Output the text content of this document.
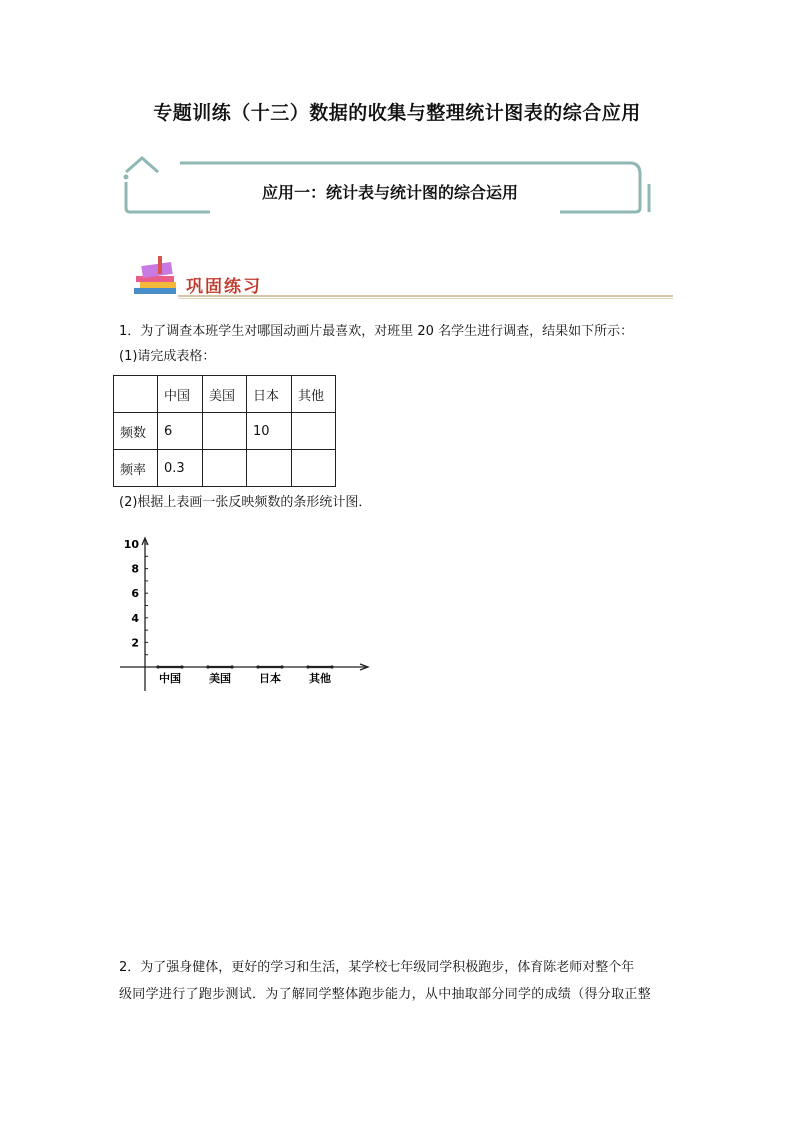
专题训练（十三）数据的收集与整理统计图表的综合应用
应用一：统计表与统计图的综合运用
巩固练习
1．为了调查本班学生对哪国动画片最喜欢，对班里 20 名学生进行调查，结果如下所示：
(1)请完成表格：
	中国	美国	日本	其他
频数	6		10	
频率	0.3			
(2)根据上表画一张反映频数的条形统计图．
2
4
6
8
10
中国	美国	日本	其他
2．为了强身健体，更好的学习和生活，某学校七年级同学积极跑步，体育陈老师对整个年
级同学进行了跑步测试．为了解同学整体跑步能力，从中抽取部分同学的成绩（得分取正整
